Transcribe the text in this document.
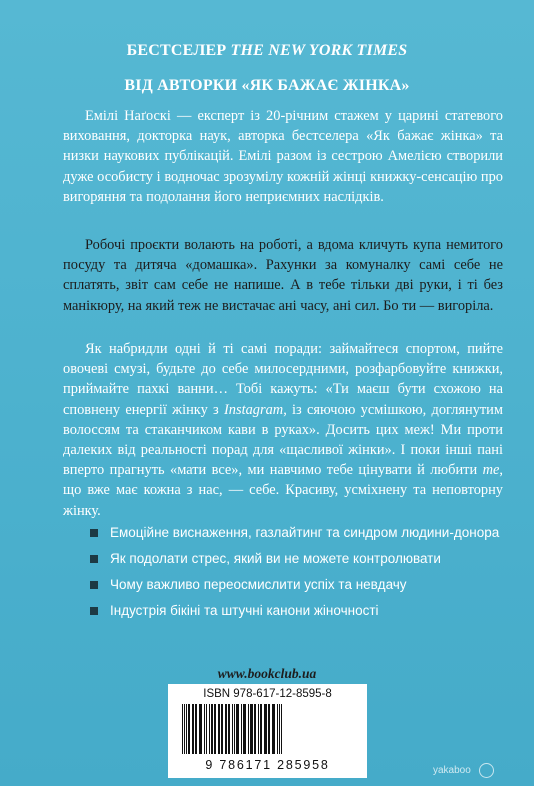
БЕСТСЕЛЕР THE NEW YORK TIMES
ВІД АВТОРКИ «ЯК БАЖАЄ ЖІНКА»

Емілі Наґоскі — експерт із 20-річним стажем у царині статевого виховання, докторка наук, авторка бестселера «Як бажає жінка» та низки наукових публікацій. Емілі разом із сестрою Амелією створили дуже особисту і водночас зрозумілу кожній жінці книжку-сенсацію про вигоряння та подолання його неприємних наслідків.

Робочі проєкти волають на роботі, а вдома кличуть купа немитого посуду та дитяча «домашка». Рахунки за комуналку самі себе не сплатять, звіт сам себе не напише. А в тебе тільки дві руки, і ті без манікюру, на який теж не вистачає ані часу, ані сил. Бо ти — вигоріла.

Як набридли одні й ті самі поради: займайтеся спортом, пийте овочеві смузі, будьте до себе милосердними, розфарбовуйте книжки, приймайте пахкі ванни… Тобі кажуть: «Ти маєш бути схожою на сповнену енергії жінку з Instagram, із сяючою усмішкою, доглянутим волоссям та стаканчиком кави в руках». Досить цих меж! Ми проти далеких від реальності порад для «щасливої жінки». І поки інші пані вперто прагнуть «мати все», ми навчимо тебе цінувати й любити те, що вже має кожна з нас, — себе. Красиву, усміхнену та неповторну жінку.

Емоційне виснаження, газлайтинг та синдром людини-донора
Як подолати стрес, який ви не можете контролювати
Чому важливо переосмислити успіх та невдачу
Індустрія бікіні та штучні канони жіночності
www.bookclub.ua
ISBN 978-617-12-8595-8
9 786171 285958	yakaboo
